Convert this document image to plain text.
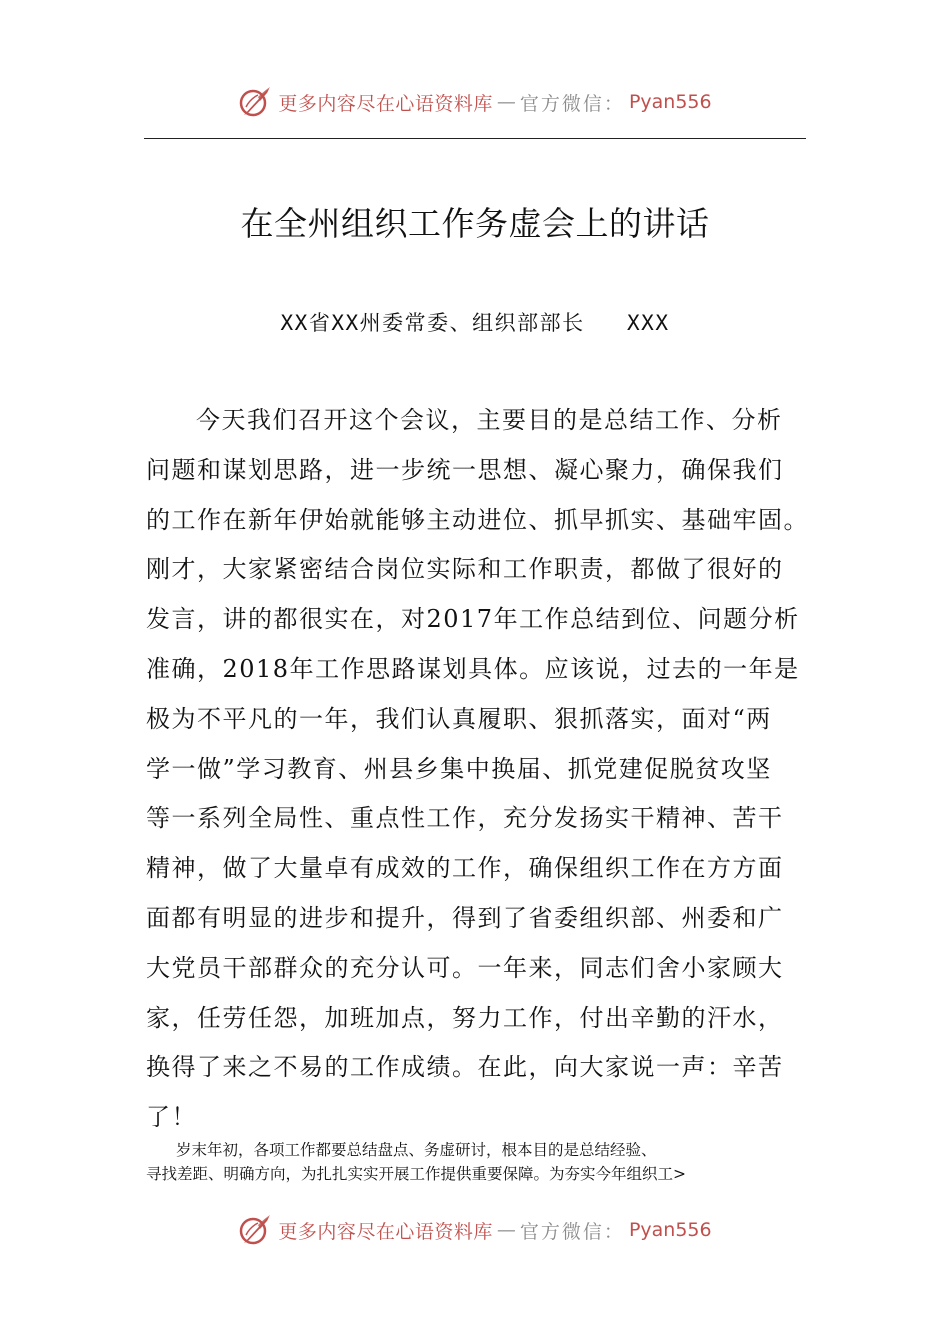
更多内容尽在心语资料库 — 官方微信： Pyan556
在全州组织工作务虚会上的讲话
XX省XX州委常委、组织部部长   XXX
今天我们召开这个会议，主要目的是总结工作、分析
问题和谋划思路，进一步统一思想、凝心聚力，确保我们
的工作在新年伊始就能够主动进位、抓早抓实、基础牢固。
刚才，大家紧密结合岗位实际和工作职责，都做了很好的
发言，讲的都很实在，对2017年工作总结到位、问题分析
准确，2018年工作思路谋划具体。应该说，过去的一年是
极为不平凡的一年，我们认真履职、狠抓落实，面对“两
学一做”学习教育、州县乡集中换届、抓党建促脱贫攻坚
等一系列全局性、重点性工作，充分发扬实干精神、苦干
精神，做了大量卓有成效的工作，确保组织工作在方方面
面都有明显的进步和提升，得到了省委组织部、州委和广
大党员干部群众的充分认可。一年来，同志们舍小家顾大
家，任劳任怨，加班加点，努力工作，付出辛勤的汗水，
换得了来之不易的工作成绩。在此，向大家说一声：辛苦
了！
岁末年初，各项工作都要总结盘点、务虚研讨，根本目的是总结经验、
寻找差距、明确方向，为扎扎实实开展工作提供重要保障。为夯实今年组织工>
更多内容尽在心语资料库 — 官方微信： Pyan556
